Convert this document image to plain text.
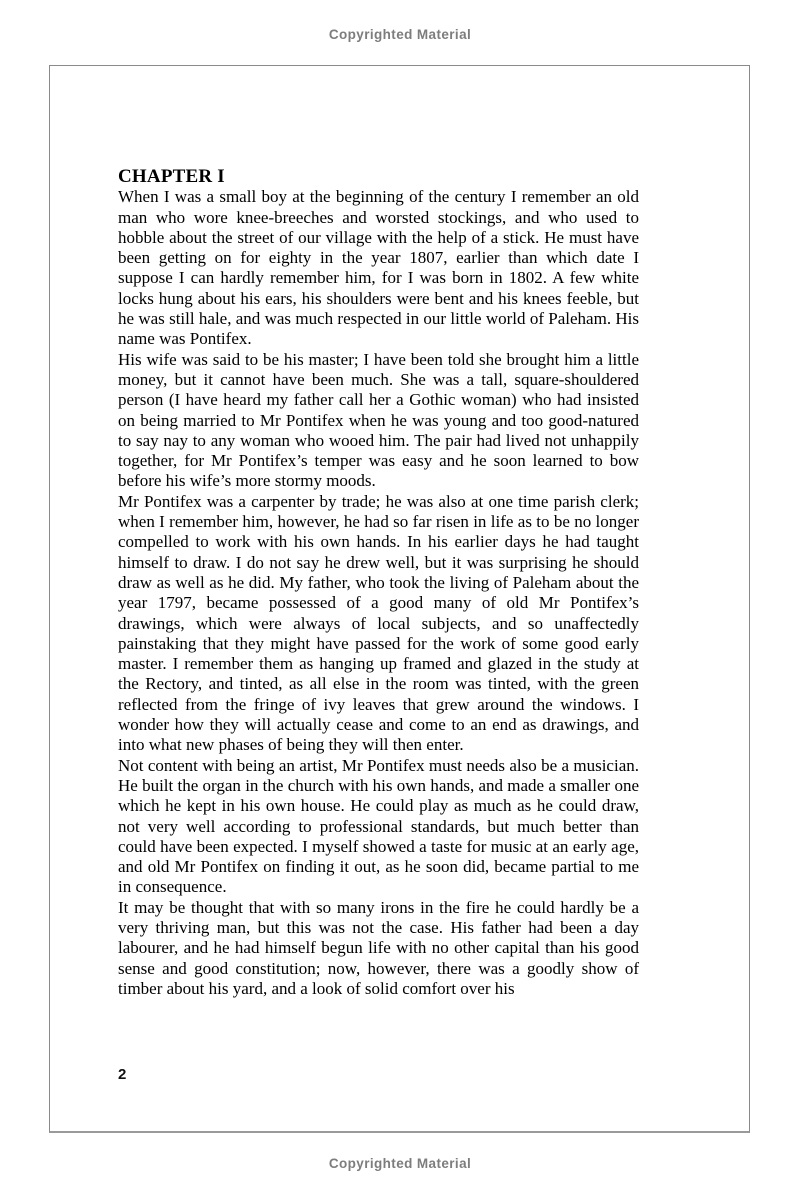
Copyrighted Material
CHAPTER I

When I was a small boy at the beginning of the century I remember an old man who wore knee-breeches and worsted stockings, and who used to hobble about the street of our village with the help of a stick. He must have been getting on for eighty in the year 1807, earlier than which date I suppose I can hardly remember him, for I was born in 1802. A few white locks hung about his ears, his shoulders were bent and his knees feeble, but he was still hale, and was much respected in our little world of Paleham. His name was Pontifex.

His wife was said to be his master; I have been told she brought him a little money, but it cannot have been much. She was a tall, square-shouldered person (I have heard my father call her a Gothic woman) who had insisted on being married to Mr Pontifex when he was young and too good-natured to say nay to any woman who wooed him. The pair had lived not unhappily together, for Mr Pontifex’s temper was easy and he soon learned to bow before his wife’s more stormy moods.

Mr Pontifex was a carpenter by trade; he was also at one time parish clerk; when I remember him, however, he had so far risen in life as to be no longer compelled to work with his own hands. In his earlier days he had taught himself to draw. I do not say he drew well, but it was surprising he should draw as well as he did. My father, who took the living of Paleham about the year 1797, became possessed of a good many of old Mr Pontifex’s drawings, which were always of local subjects, and so unaffectedly painstaking that they might have passed for the work of some good early master. I remember them as hanging up framed and glazed in the study at the Rectory, and tinted, as all else in the room was tinted, with the green reflected from the fringe of ivy leaves that grew around the windows. I wonder how they will actually cease and come to an end as drawings, and into what new phases of being they will then enter.

Not content with being an artist, Mr Pontifex must needs also be a musician. He built the organ in the church with his own hands, and made a smaller one which he kept in his own house. He could play as much as he could draw, not very well according to professional standards, but much better than could have been expected. I myself showed a taste for music at an early age, and old Mr Pontifex on finding it out, as he soon did, became partial to me in consequence.

It may be thought that with so many irons in the fire he could hardly be a very thriving man, but this was not the case. His father had been a day labourer, and he had himself begun life with no other capital than his good sense and good constitution; now, however, there was a goodly show of timber about his yard, and a look of solid comfort over his

2
Copyrighted Material
